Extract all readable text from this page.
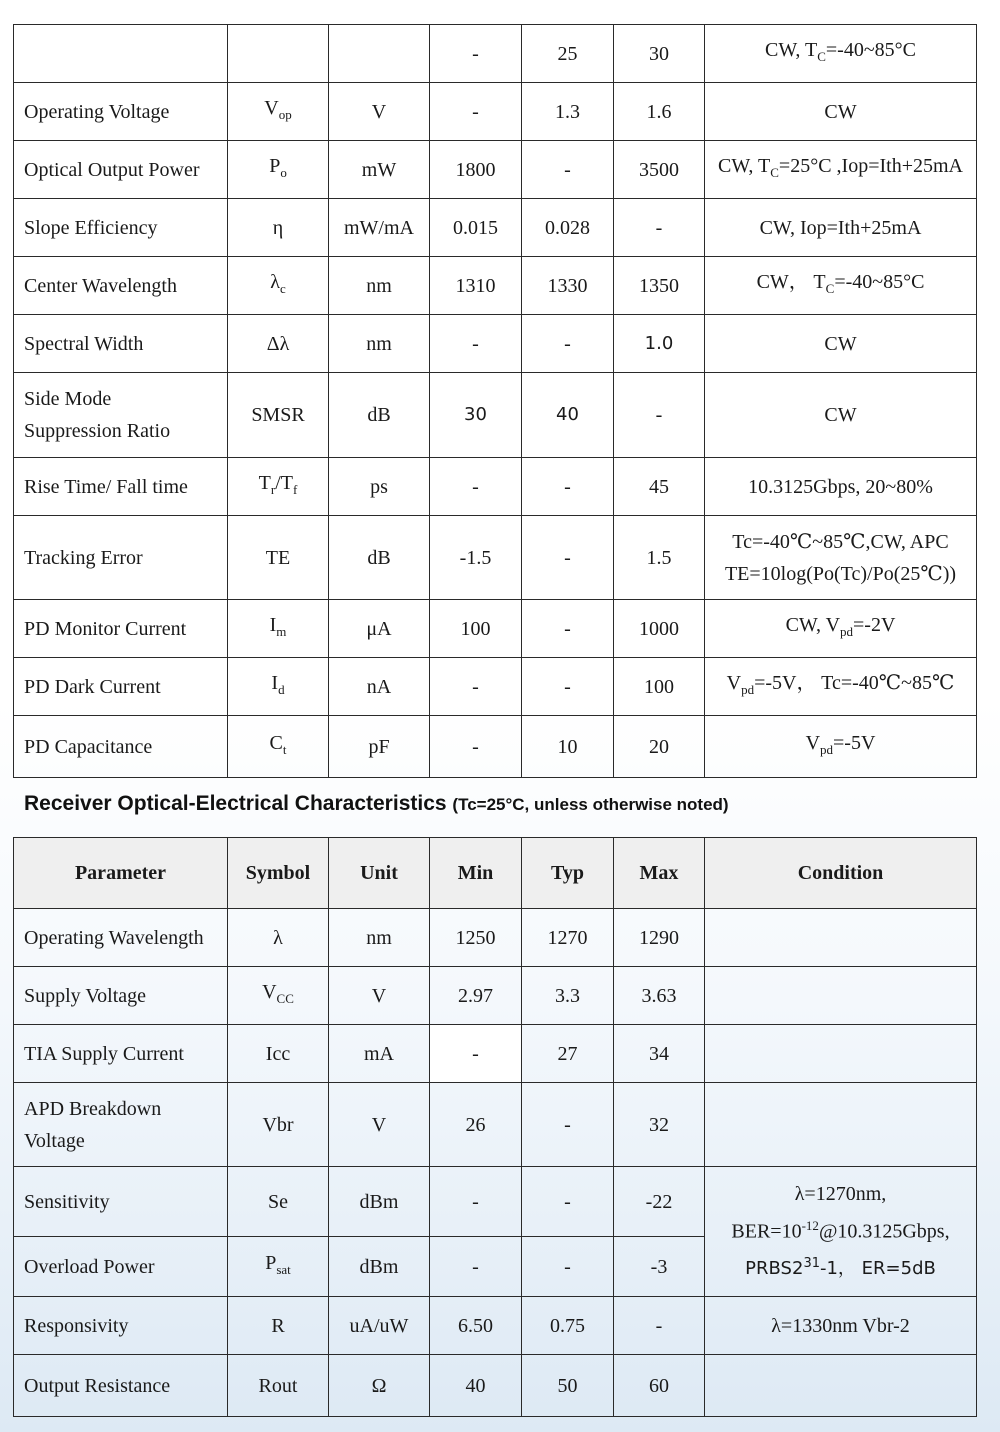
			-	25	30	CW, $T_C=-40\sim 85^\circ C$
Operating Voltage	$V_{op}$	V	-	1.3	1.6	CW
Optical Output Power	$P_o$	mW	1800	-	3500	CW, $T_C=25^\circ C$ ,Iop=Ith+25mA
Slope Efficiency	η	mW/mA	0.015	0.028	-	CW, Iop=Ith+25mA
Center Wavelength	$\lambda_c$	nm	1310	1330	1350	CW， $T_C=-40\sim 85^\circ C$
Spectral Width	Δλ	nm	-	-	1.0	CW
Side Mode
Suppression Ratio	SMSR	dB	30	40	-	CW
Rise Time/ Fall time	$T_r/T_f$	ps	-	-	45	10.3125Gbps, 20~80%
Tracking Error	TE	dB	-1.5	-	1.5	Tc=-40℃~85℃,CW, APC
TE=10log(Po(Tc)/Po(25℃))
PD Monitor Current	$I_m$	μA	100	-	1000	CW, $V_{pd}=-2V$
PD Dark Current	$I_d$	nA	-	-	100	$V_{pd}=-5V$， Tc=-40℃~85℃
PD Capacitance	$C_t$	pF	-	10	20	$V_{pd}=-5V$
Receiver Optical-Electrical Characteristics (Tc=25°C, unless otherwise noted)
Parameter	Symbol	Unit	Min	Typ	Max	Condition
Operating Wavelength	λ	nm	1250	1270	1290	
Supply Voltage	$V_{CC}$	V	2.97	3.3	3.63	
TIA Supply Current	Icc	mA	-	27	34	
APD Breakdown
Voltage	Vbr	V	26	-	32	
Sensitivity	Se	dBm	-	-	-22	λ=1270nm,
$BER=10^{-12}@10.3125Gbps$,
$PRBS2^{31}-1$， ER=5dB
Overload Power	$P_{sat}$	dBm	-	-	-3	
Responsivity	R	uA/uW	6.50	0.75	-	λ=1330nm Vbr-2
Output Resistance	Rout	Ω	40	50	60	
